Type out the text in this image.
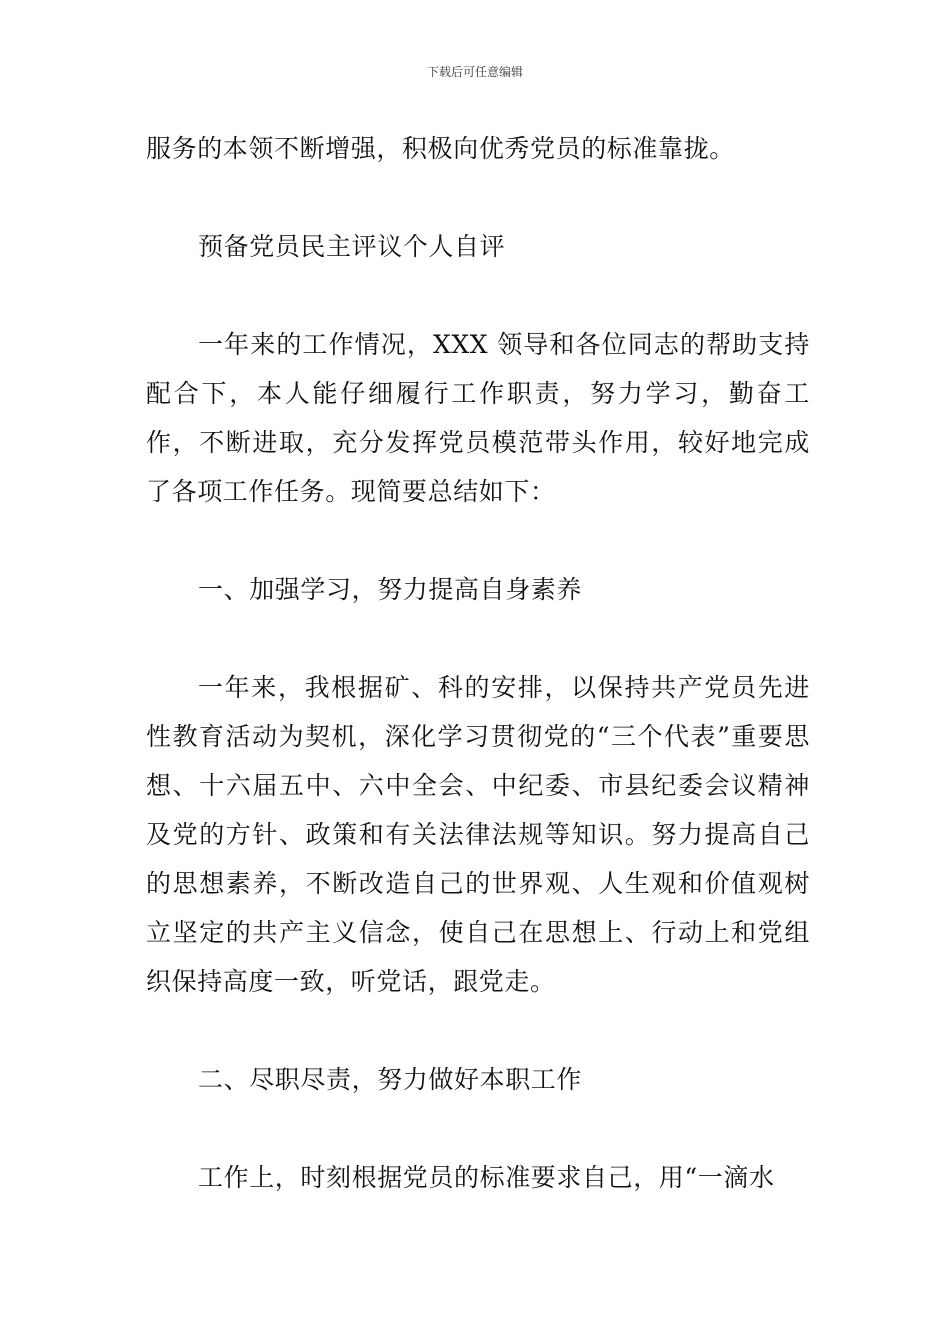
下载后可任意编辑

服务的本领不断增强，积极向优秀党员的标准靠拢。

预备党员民主评议个人自评

一年来的工作情况，XXX 领导和各位同志的帮助支持配合下，本人能仔细履行工作职责，努力学习，勤奋工作，不断进取，充分发挥党员模范带头作用，较好地完成了各项工作任务。现简要总结如下：

一、加强学习，努力提高自身素养

一年来，我根据矿、科的安排，以保持共产党员先进性教育活动为契机，深化学习贯彻党的“三个代表”重要思想、十六届五中、六中全会、中纪委、市县纪委会议精神及党的方针、政策和有关法律法规等知识。努力提高自己的思想素养，不断改造自己的世界观、人生观和价值观树立坚定的共产主义信念，使自己在思想上、行动上和党组织保持高度一致，听党话，跟党走。

二、尽职尽责，努力做好本职工作

工作上，时刻根据党员的标准要求自己，用“一滴水
